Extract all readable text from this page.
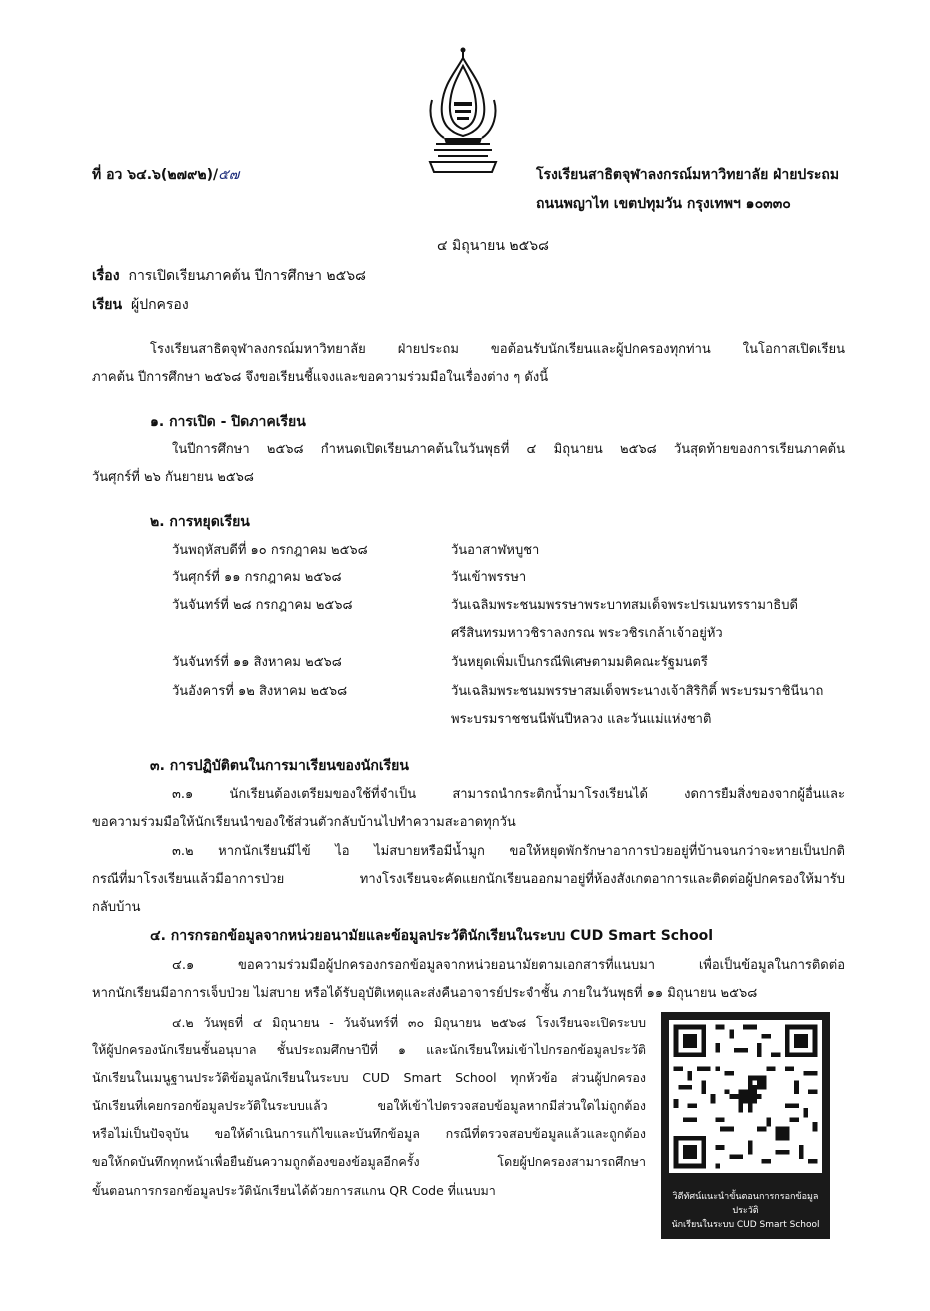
ที่ อว ๖๔.๖(๒๗๙๒)/๕๗	โรงเรียนสาธิตจุฬาลงกรณ์มหาวิทยาลัย ฝ่ายประถม
ถนนพญาไท เขตปทุมวัน กรุงเทพฯ ๑๐๓๓๐
๔ มิถุนายน ๒๕๖๘
เรื่อง การเปิดเรียนภาคต้น ปีการศึกษา ๒๕๖๘
เรียน ผู้ปกครอง
โรงเรียนสาธิตจุฬาลงกรณ์มหาวิทยาลัย ฝ่ายประถม ขอต้อนรับนักเรียนและผู้ปกครองทุกท่าน ในโอกาสเปิดเรียน
ภาคต้น ปีการศึกษา ๒๕๖๘ จึงขอเรียนชี้แจงและขอความร่วมมือในเรื่องต่าง ๆ ดังนี้
๑. การเปิด - ปิดภาคเรียน
ในปีการศึกษา ๒๕๖๘ กำหนดเปิดเรียนภาคต้นในวันพุธที่ ๔ มิถุนายน ๒๕๖๘ วันสุดท้ายของการเรียนภาคต้น
วันศุกร์ที่ ๒๖ กันยายน ๒๕๖๘
๒. การหยุดเรียน
วันพฤหัสบดีที่ ๑๐ กรกฎาคม ๒๕๖๘	วันอาสาฬหบูชา
วันศุกร์ที่ ๑๑ กรกฎาคม ๒๕๖๘	วันเข้าพรรษา
วันจันทร์ที่ ๒๘ กรกฎาคม ๒๕๖๘	วันเฉลิมพระชนมพรรษาพระบาทสมเด็จพระปรเมนทรรามาธิบดี
ศรีสินทรมหาวชิราลงกรณ พระวชิรเกล้าเจ้าอยู่หัว
วันจันทร์ที่ ๑๑ สิงหาคม ๒๕๖๘	วันหยุดเพิ่มเป็นกรณีพิเศษตามมติคณะรัฐมนตรี
วันอังคารที่ ๑๒ สิงหาคม ๒๕๖๘	วันเฉลิมพระชนมพรรษาสมเด็จพระนางเจ้าสิริกิติ์ พระบรมราชินีนาถ
พระบรมราชชนนีพันปีหลวง และวันแม่แห่งชาติ
๓. การปฏิบัติตนในการมาเรียนของนักเรียน
๓.๑ นักเรียนต้องเตรียมของใช้ที่จำเป็น สามารถนำกระติกน้ำมาโรงเรียนได้ งดการยืมสิ่งของจากผู้อื่นและ
ขอความร่วมมือให้นักเรียนนำของใช้ส่วนตัวกลับบ้านไปทำความสะอาดทุกวัน
๓.๒ หากนักเรียนมีไข้ ไอ ไม่สบายหรือมีน้ำมูก ขอให้หยุดพักรักษาอาการป่วยอยู่ที่บ้านจนกว่าจะหายเป็นปกติ
กรณีที่มาโรงเรียนแล้วมีอาการป่วย ทางโรงเรียนจะคัดแยกนักเรียนออกมาอยู่ที่ห้องสังเกตอาการและติดต่อผู้ปกครองให้มารับ
กลับบ้าน
๔. การกรอกข้อมูลจากหน่วยอนามัยและข้อมูลประวัตินักเรียนในระบบ CUD Smart School
๔.๑ ขอความร่วมมือผู้ปกครองกรอกข้อมูลจากหน่วยอนามัยตามเอกสารที่แนบมา เพื่อเป็นข้อมูลในการติดต่อ
หากนักเรียนมีอาการเจ็บป่วย ไม่สบาย หรือได้รับอุบัติเหตุและส่งคืนอาจารย์ประจำชั้น ภายในวันพุธที่ ๑๑ มิถุนายน ๒๕๖๘
๔.๒ วันพุธที่ ๔ มิถุนายน - วันจันทร์ที่ ๓๐ มิถุนายน ๒๕๖๘ โรงเรียนจะเปิดระบบ
ให้ผู้ปกครองนักเรียนชั้นอนุบาล ชั้นประถมศึกษาปีที่ ๑ และนักเรียนใหม่เข้าไปกรอกข้อมูลประวัติ
นักเรียนในเมนูฐานประวัติข้อมูลนักเรียนในระบบ CUD Smart School ทุกหัวข้อ ส่วนผู้ปกครอง
นักเรียนที่เคยกรอกข้อมูลประวัติในระบบแล้ว ขอให้เข้าไปตรวจสอบข้อมูลหากมีส่วนใดไม่ถูกต้อง
หรือไม่เป็นปัจจุบัน ขอให้ดำเนินการแก้ไขและบันทึกข้อมูล กรณีที่ตรวจสอบข้อมูลแล้วและถูกต้อง
ขอให้กดบันทึกทุกหน้าเพื่อยืนยันความถูกต้องของข้อมูลอีกครั้ง โดยผู้ปกครองสามารถศึกษา
ขั้นตอนการกรอกข้อมูลประวัตินักเรียนได้ด้วยการสแกน QR Code ที่แนบมา	วิดีทัศน์แนะนำขั้นตอนการกรอกข้อมูลประวัติ
นักเรียนในระบบ CUD Smart School
